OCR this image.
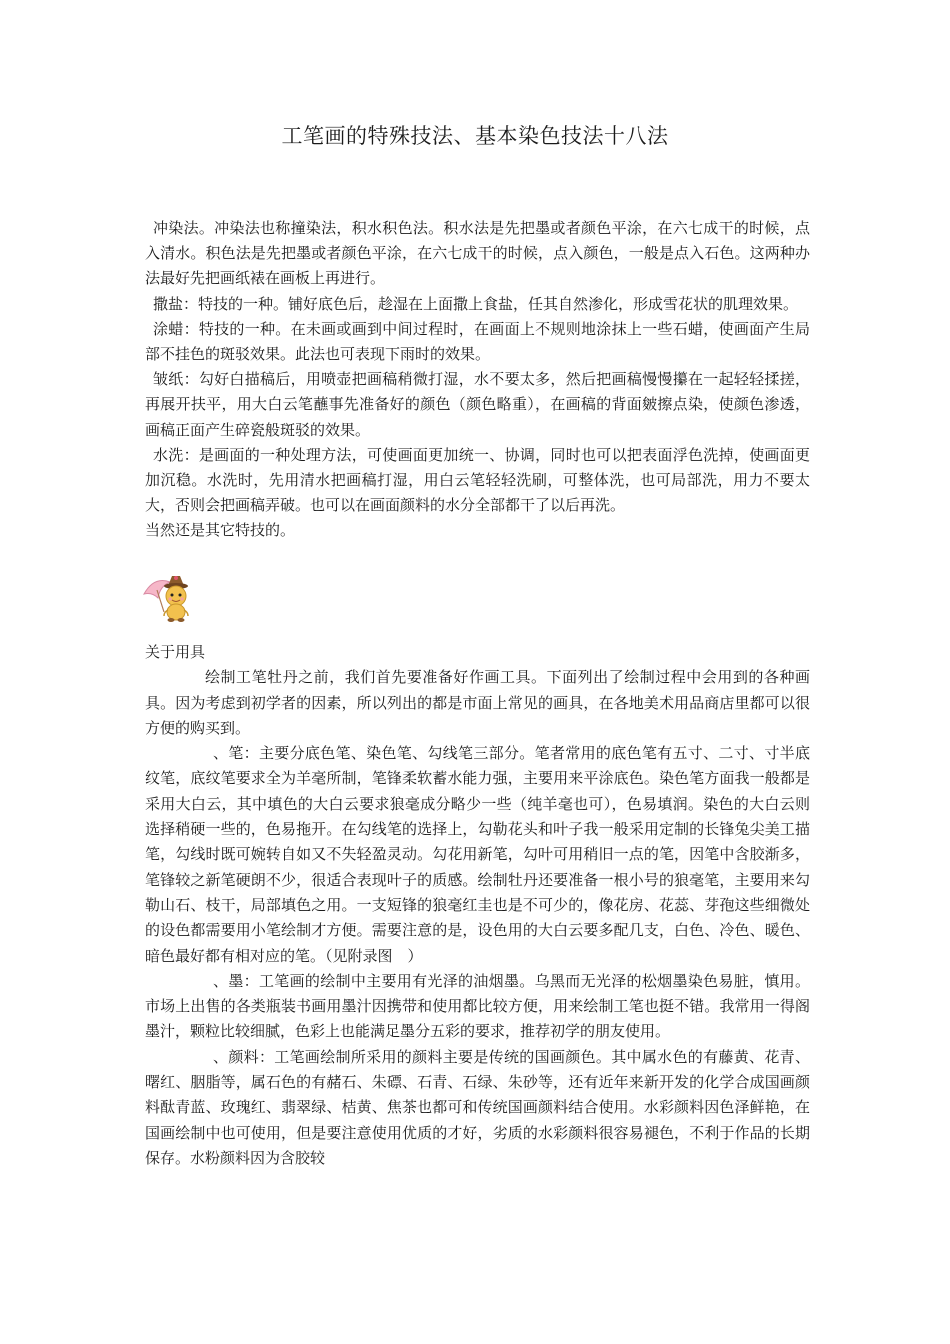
工笔画的特殊技法、基本染色技法十八法

冲染法。冲染法也称撞染法，积水积色法。积水法是先把墨或者颜色平涂，在六七成干的时候，点入清水。积色法是先把墨或者颜色平涂，在六七成干的时候，点入颜色，一般是点入石色。这两种办法最好先把画纸裱在画板上再进行。

撒盐：特技的一种。铺好底色后，趁湿在上面撒上食盐，任其自然渗化，形成雪花状的肌理效果。

涂蜡：特技的一种。在未画或画到中间过程时，在画面上不规则地涂抹上一些石蜡，使画面产生局部不挂色的斑驳效果。此法也可表现下雨时的效果。

皱纸：勾好白描稿后，用喷壶把画稿稍微打湿，水不要太多，然后把画稿慢慢攥在一起轻轻揉搓，再展开扶平，用大白云笔蘸事先准备好的颜色（颜色略重），在画稿的背面皴擦点染，使颜色渗透，画稿正面产生碎瓷般斑驳的效果。

水洗：是画面的一种处理方法，可使画面更加统一、协调，同时也可以把表面浮色洗掉，使画面更加沉稳。水洗时，先用清水把画稿打湿，用白云笔轻轻洗刷，可整体洗，也可局部洗，用力不要太大，否则会把画稿弄破。也可以在画面颜料的水分全部都干了以后再洗。

当然还是其它特技的。

关于用具

绘制工笔牡丹之前，我们首先要准备好作画工具。下面列出了绘制过程中会用到的各种画具。因为考虑到初学者的因素，所以列出的都是市面上常见的画具，在各地美术用品商店里都可以很方便的购买到。

、笔：主要分底色笔、染色笔、勾线笔三部分。笔者常用的底色笔有五寸、二寸、寸半底纹笔，底纹笔要求全为羊毫所制，笔锋柔软蓄水能力强，主要用来平涂底色。染色笔方面我一般都是采用大白云，其中填色的大白云要求狼毫成分略少一些（纯羊毫也可），色易填润。染色的大白云则选择稍硬一些的，色易拖开。在勾线笔的选择上，勾勒花头和叶子我一般采用定制的长锋兔尖美工描笔，勾线时既可婉转自如又不失轻盈灵动。勾花用新笔，勾叶可用稍旧一点的笔，因笔中含胶渐多，笔锋较之新笔硬朗不少，很适合表现叶子的质感。绘制牡丹还要准备一根小号的狼毫笔，主要用来勾勒山石、枝干，局部填色之用。一支短锋的狼毫红圭也是不可少的，像花房、花蕊、芽孢这些细微处的设色都需要用小笔绘制才方便。需要注意的是，设色用的大白云要多配几支，白色、冷色、暖色、暗色最好都有相对应的笔。（见附录图　）

、墨：工笔画的绘制中主要用有光泽的油烟墨。乌黑而无光泽的松烟墨染色易脏，慎用。市场上出售的各类瓶装书画用墨汁因携带和使用都比较方便，用来绘制工笔也挺不错。我常用一得阁墨汁，颗粒比较细腻，色彩上也能满足墨分五彩的要求，推荐初学的朋友使用。

、颜料：工笔画绘制所采用的颜料主要是传统的国画颜色。其中属水色的有藤黄、花青、曙红、胭脂等，属石色的有赭石、朱磦、石青、石绿、朱砂等，还有近年来新开发的化学合成国画颜料酞青蓝、玫瑰红、翡翠绿、桔黄、焦茶也都可和传统国画颜料结合使用。水彩颜料因色泽鲜艳，在国画绘制中也可使用，但是要注意使用优质的才好，劣质的水彩颜料很容易褪色，不利于作品的长期保存。水粉颜料因为含胶较
